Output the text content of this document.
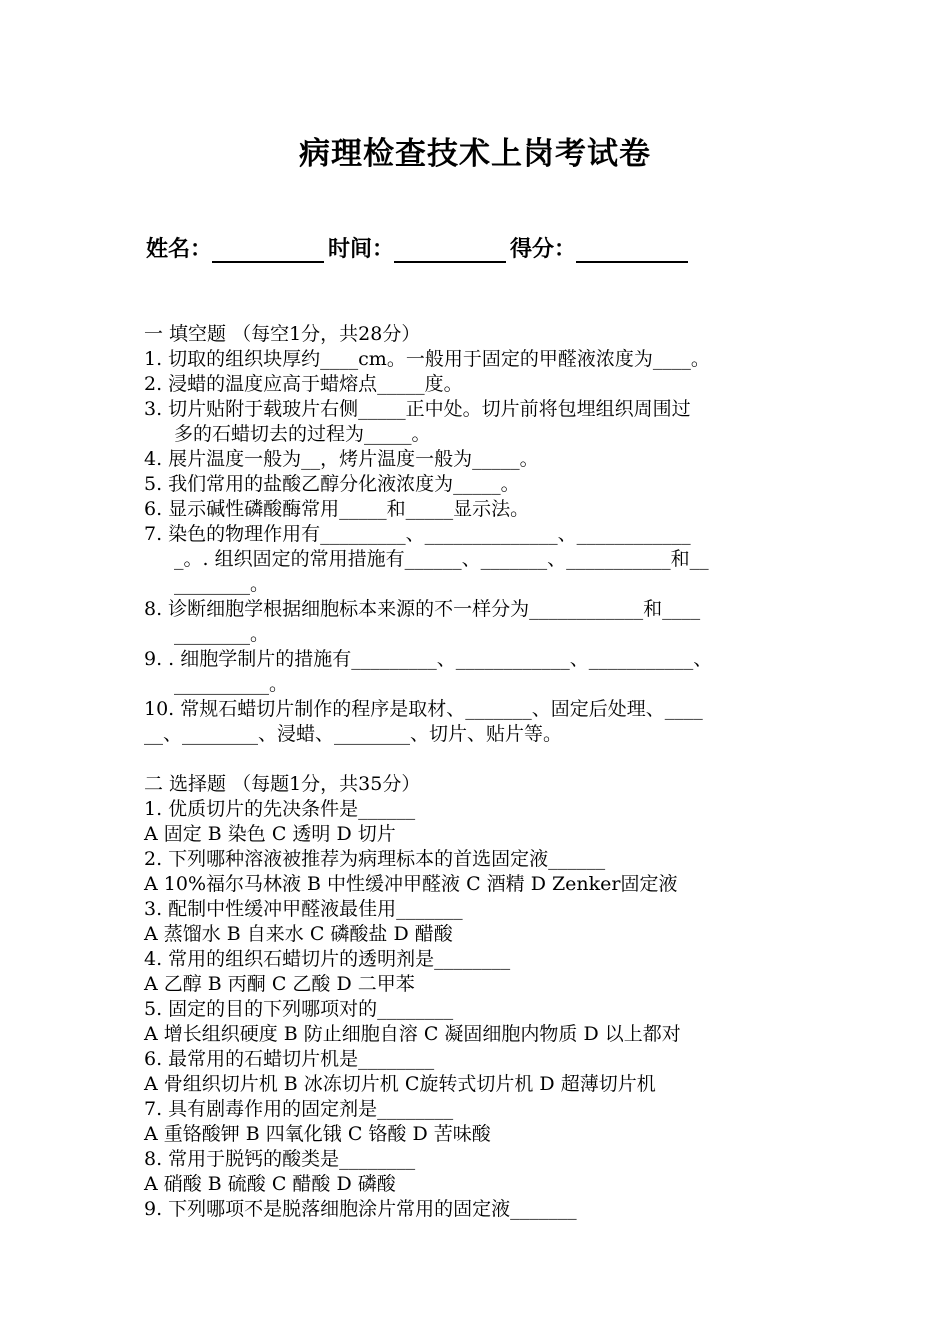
病理检查技术上岗考试卷
姓名：	时间：	得分：
一 填空题 （每空1分，共28分）
1. 切取的组织块厚约____cm。一般用于固定的甲醛液浓度为____。
2. 浸蜡的温度应高于蜡熔点_____度。
3. 切片贴附于载玻片右侧_____正中处。切片前将包埋组织周围过
多的石蜡切去的过程为_____。
4. 展片温度一般为__，烤片温度一般为_____。
5. 我们常用的盐酸乙醇分化液浓度为_____。
6. 显示碱性磷酸酶常用_____和_____显示法。
7. 染色的物理作用有_________、______________、____________
_。. 组织固定的常用措施有______、_______、___________和__
________。
8. 诊断细胞学根据细胞标本来源的不一样分为____________和____
________。
9. . 细胞学制片的措施有_________、____________、___________、
__________。
10. 常规石蜡切片制作的程序是取材、_______、固定后处理、____
__、________、浸蜡、________、切片、贴片等。
二 选择题 （每题1分，共35分）
1. 优质切片的先决条件是______
A 固定 B 染色 C 透明 D 切片
2. 下列哪种溶液被推荐为病理标本的首选固定液______
A 10%福尔马林液 B 中性缓冲甲醛液 C 酒精 D Zenker固定液
3. 配制中性缓冲甲醛液最佳用_______
A 蒸馏水 B 自来水 C 磷酸盐 D 醋酸
4. 常用的组织石蜡切片的透明剂是________
A 乙醇 B 丙酮 C 乙酸 D 二甲苯
5. 固定的目的下列哪项对的________
A 增长组织硬度 B 防止细胞自溶 C 凝固细胞内物质 D 以上都对
6. 最常用的石蜡切片机是________
A 骨组织切片机 B 冰冻切片机 C旋转式切片机 D 超薄切片机
7. 具有剧毒作用的固定剂是________
A 重铬酸钾 B 四氧化锇 C 铬酸 D 苦味酸
8. 常用于脱钙的酸类是________
A 硝酸 B 硫酸 C 醋酸 D 磷酸
9. 下列哪项不是脱落细胞涂片常用的固定液_______
